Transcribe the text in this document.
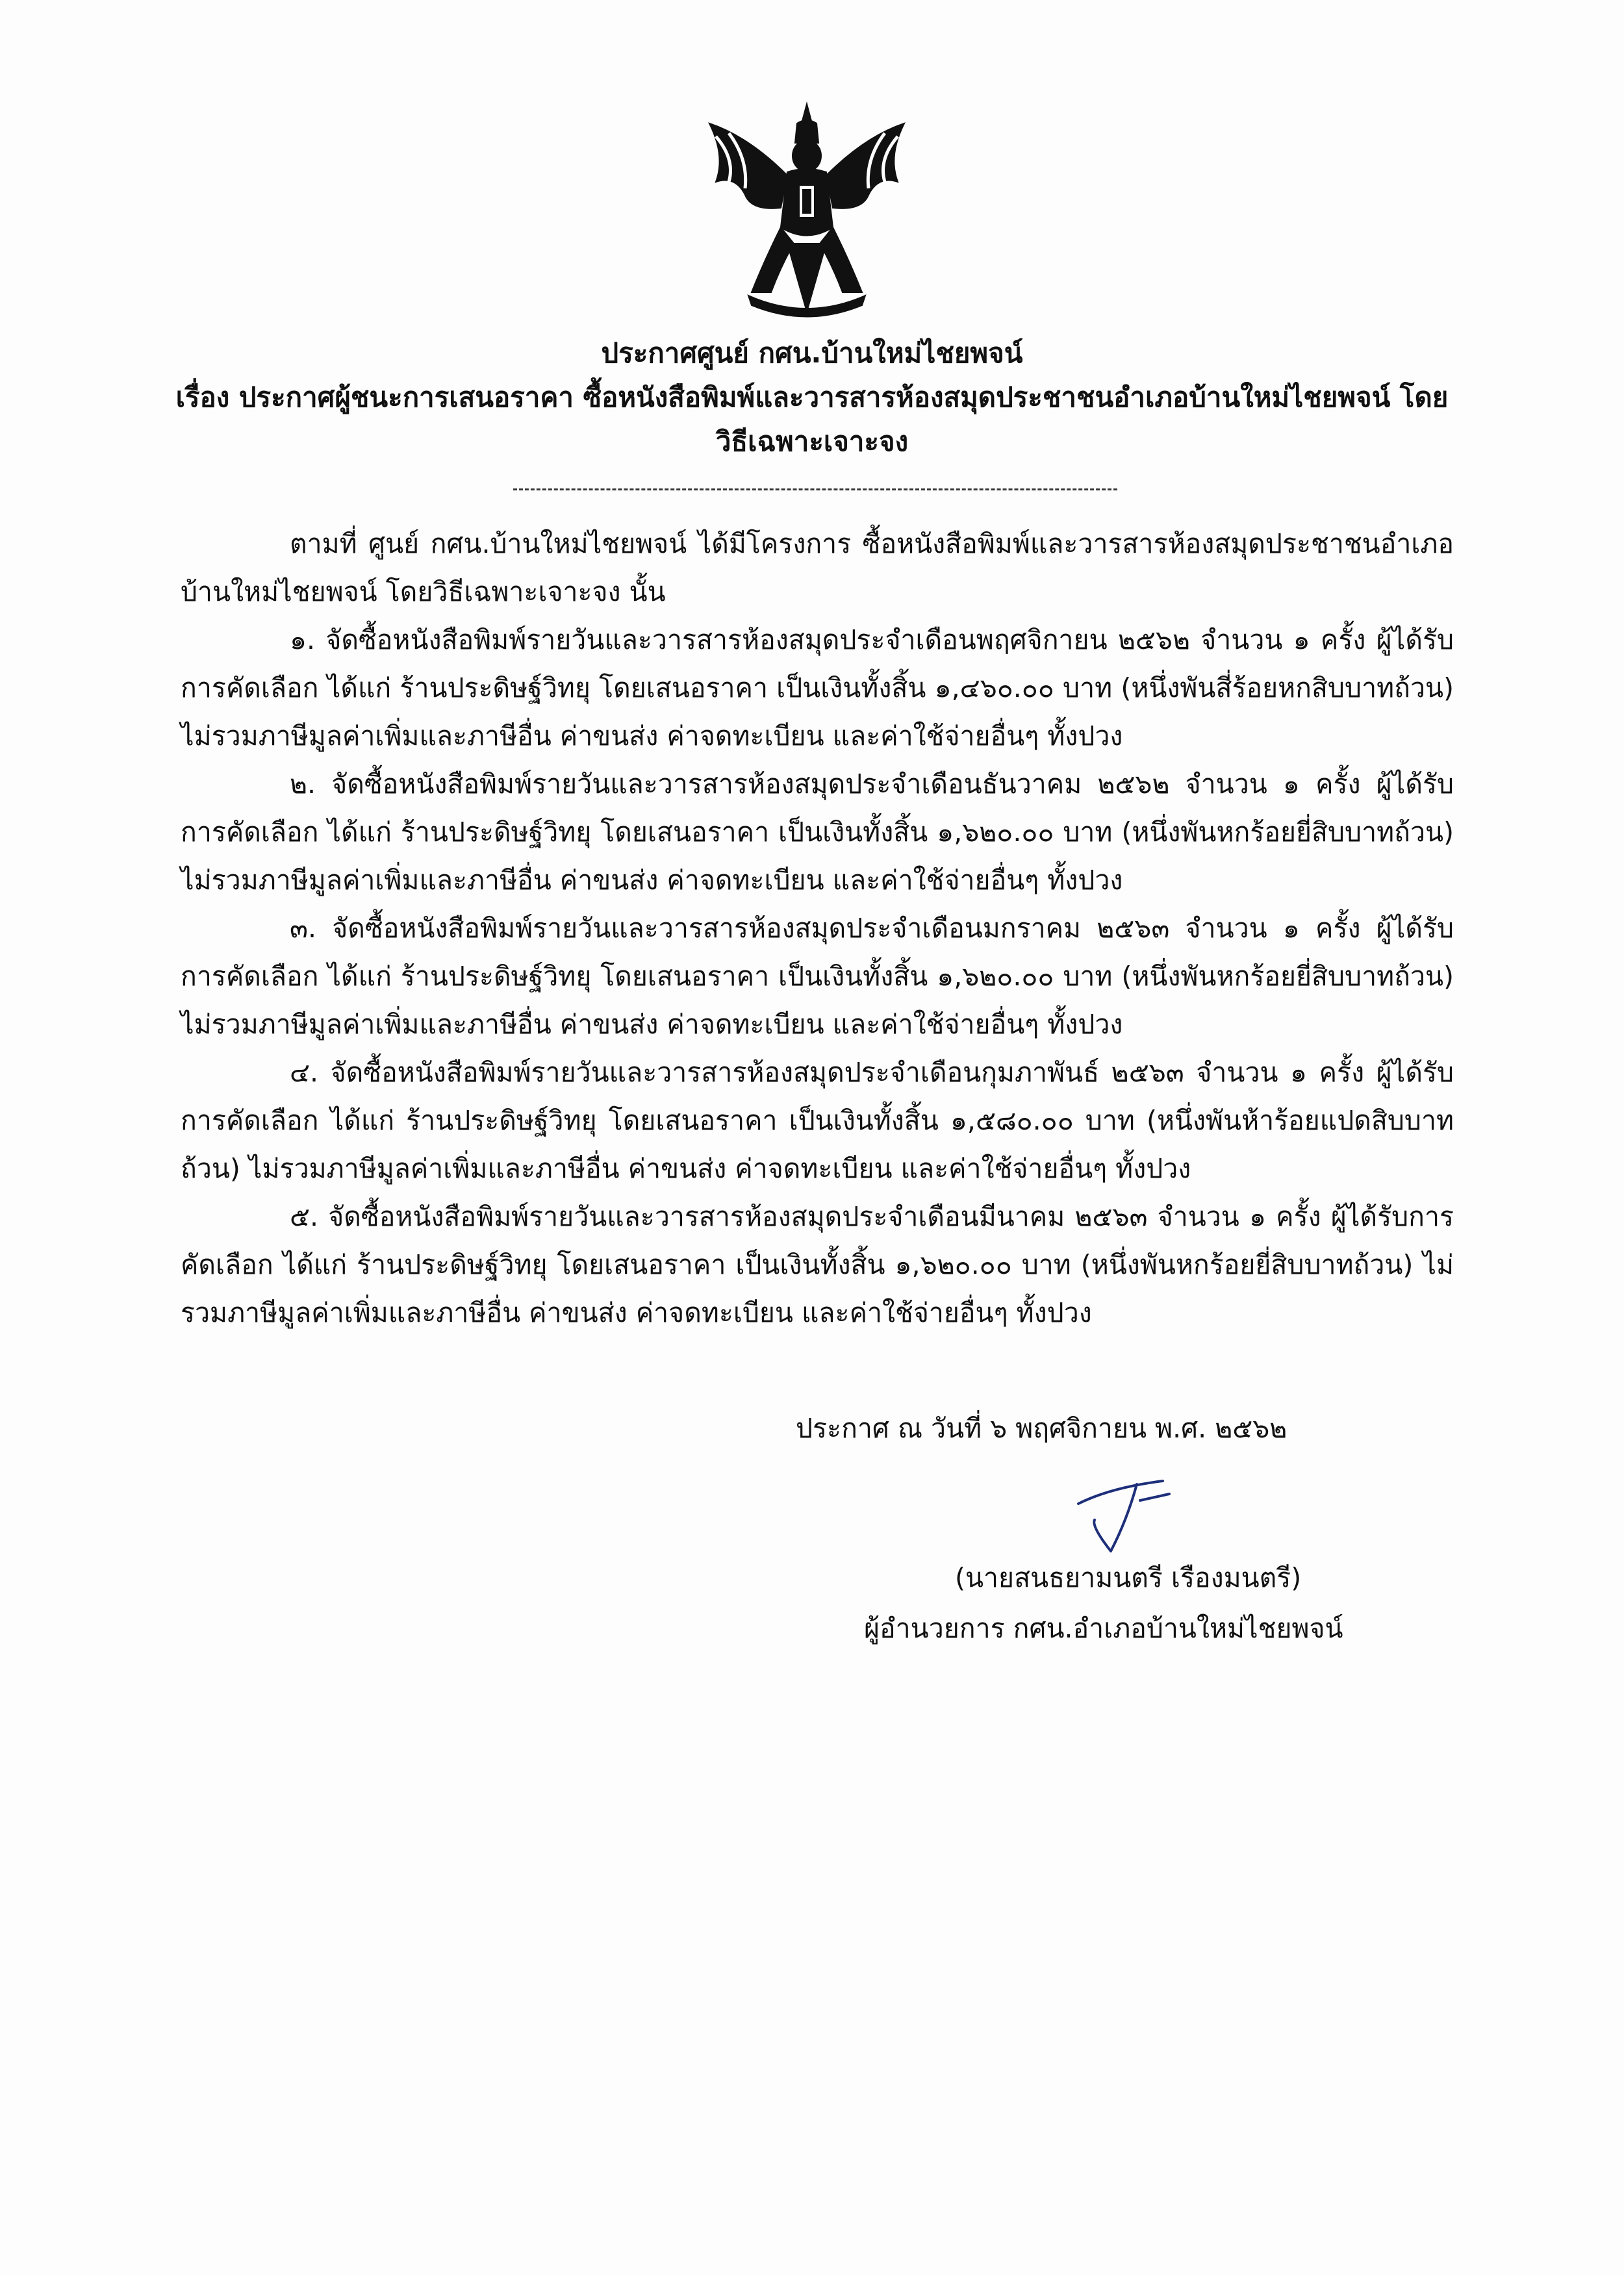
ประกาศศูนย์ กศน.บ้านใหม่ไชยพจน์
เรื่อง ประกาศผู้ชนะการเสนอราคา ซื้อหนังสือพิมพ์และวารสารห้องสมุดประชาชนอำเภอบ้านใหม่ไชยพจน์ โดย
วิธีเฉพาะเจาะจง

ตามที่ ศูนย์ กศน.บ้านใหม่ไชยพจน์ ได้มีโครงการ ซื้อหนังสือพิมพ์และวารสารห้องสมุดประชาชนอำเภอบ้านใหม่ไชยพจน์ โดยวิธีเฉพาะเจาะจง นั้น

๑. จัดซื้อหนังสือพิมพ์รายวันและวารสารห้องสมุดประจำเดือนพฤศจิกายน ๒๕๖๒ จำนวน ๑ ครั้ง ผู้ได้รับการคัดเลือก ได้แก่ ร้านประดิษฐ์วิทยุ โดยเสนอราคา เป็นเงินทั้งสิ้น ๑,๔๖๐.๐๐ บาท (หนึ่งพันสี่ร้อยหกสิบบาทถ้วน) ไม่รวมภาษีมูลค่าเพิ่มและภาษีอื่น ค่าขนส่ง ค่าจดทะเบียน และค่าใช้จ่ายอื่นๆ ทั้งปวง

๒. จัดซื้อหนังสือพิมพ์รายวันและวารสารห้องสมุดประจำเดือนธันวาคม ๒๕๖๒ จำนวน ๑ ครั้ง ผู้ได้รับการคัดเลือก ได้แก่ ร้านประดิษฐ์วิทยุ โดยเสนอราคา เป็นเงินทั้งสิ้น ๑,๖๒๐.๐๐ บาท (หนึ่งพันหกร้อยยี่สิบบาทถ้วน) ไม่รวมภาษีมูลค่าเพิ่มและภาษีอื่น ค่าขนส่ง ค่าจดทะเบียน และค่าใช้จ่ายอื่นๆ ทั้งปวง

๓. จัดซื้อหนังสือพิมพ์รายวันและวารสารห้องสมุดประจำเดือนมกราคม ๒๕๖๓ จำนวน ๑ ครั้ง ผู้ได้รับการคัดเลือก ได้แก่ ร้านประดิษฐ์วิทยุ โดยเสนอราคา เป็นเงินทั้งสิ้น ๑,๖๒๐.๐๐ บาท (หนึ่งพันหกร้อยยี่สิบบาทถ้วน) ไม่รวมภาษีมูลค่าเพิ่มและภาษีอื่น ค่าขนส่ง ค่าจดทะเบียน และค่าใช้จ่ายอื่นๆ ทั้งปวง

๔. จัดซื้อหนังสือพิมพ์รายวันและวารสารห้องสมุดประจำเดือนกุมภาพันธ์ ๒๕๖๓ จำนวน ๑ ครั้ง ผู้ได้รับการคัดเลือก ได้แก่ ร้านประดิษฐ์วิทยุ โดยเสนอราคา เป็นเงินทั้งสิ้น ๑,๕๘๐.๐๐ บาท (หนึ่งพันห้าร้อยแปดสิบบาทถ้วน) ไม่รวมภาษีมูลค่าเพิ่มและภาษีอื่น ค่าขนส่ง ค่าจดทะเบียน และค่าใช้จ่ายอื่นๆ ทั้งปวง

๕. จัดซื้อหนังสือพิมพ์รายวันและวารสารห้องสมุดประจำเดือนมีนาคม ๒๕๖๓ จำนวน ๑ ครั้ง ผู้ได้รับการคัดเลือก ได้แก่ ร้านประดิษฐ์วิทยุ โดยเสนอราคา เป็นเงินทั้งสิ้น ๑,๖๒๐.๐๐ บาท (หนึ่งพันหกร้อยยี่สิบบาทถ้วน) ไม่รวมภาษีมูลค่าเพิ่มและภาษีอื่น ค่าขนส่ง ค่าจดทะเบียน และค่าใช้จ่ายอื่นๆ ทั้งปวง

ประกาศ ณ วันที่ ๖ พฤศจิกายน พ.ศ. ๒๕๖๒
(นายสนธยามนตรี เรืองมนตรี)
ผู้อำนวยการ กศน.อำเภอบ้านใหม่ไชยพจน์
